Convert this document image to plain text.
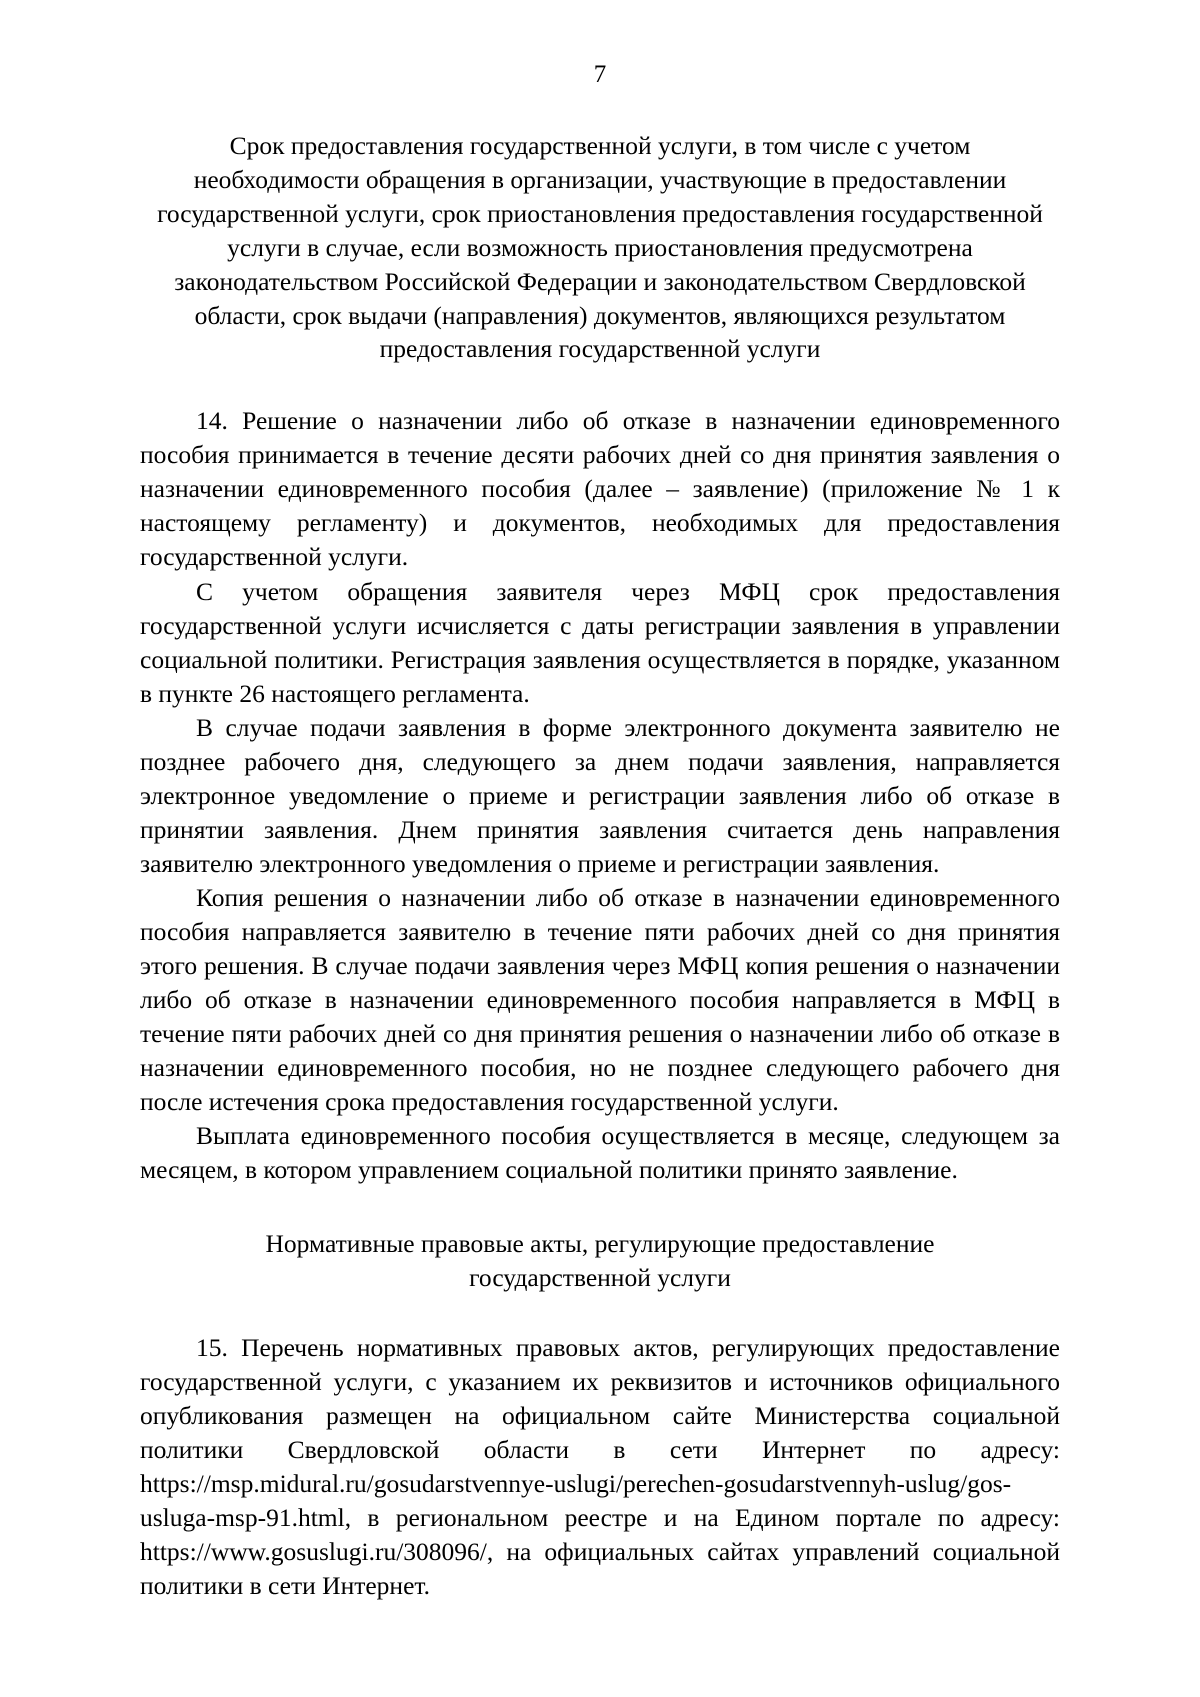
7

Срок предоставления государственной услуги, в том числе с учетом

необходимости обращения в организации, участвующие в предоставлении

государственной услуги, срок приостановления предоставления государственной

услуги в случае, если возможность приостановления предусмотрена

законодательством Российской Федерации и законодательством Свердловской

области, срок выдачи (направления) документов, являющихся результатом

предоставления государственной услуги

14. Решение о назначении либо об отказе в назначении единовременного пособия принимается в течение десяти рабочих дней со дня принятия заявления о назначении единовременного пособия (далее – заявление) (приложение № 1 к настоящему регламенту) и документов, необходимых для предоставления государственной услуги.

С учетом обращения заявителя через МФЦ срок предоставления государственной услуги исчисляется с даты регистрации заявления в управлении социальной политики. Регистрация заявления осуществляется в порядке, указанном в пункте 26 настоящего регламента.

В случае подачи заявления в форме электронного документа заявителю не позднее рабочего дня, следующего за днем подачи заявления, направляется электронное уведомление о приеме и регистрации заявления либо об отказе в принятии заявления. Днем принятия заявления считается день направления заявителю электронного уведомления о приеме и регистрации заявления.

Копия решения о назначении либо об отказе в назначении единовременного пособия направляется заявителю в течение пяти рабочих дней со дня принятия этого решения. В случае подачи заявления через МФЦ копия решения о назначении либо об отказе в назначении единовременного пособия направляется в МФЦ в течение пяти рабочих дней со дня принятия решения о назначении либо об отказе в назначении единовременного пособия, но не позднее следующего рабочего дня после истечения срока предоставления государственной услуги.

Выплата единовременного пособия осуществляется в месяце, следующем за месяцем, в котором управлением социальной политики принято заявление.

Нормативные правовые акты, регулирующие предоставление

государственной услуги

15. Перечень нормативных правовых актов, регулирующих предоставление государственной услуги, с указанием их реквизитов и источников официального опубликования размещен на официальном сайте Министерства социальной политики Свердловской области в сети Интернет по адресу: https://msp.midural.ru/gosudarstvennye-uslugi/perechen-gosudarstvennyh-uslug/gos-usluga-msp-91.html, в региональном реестре и на Едином портале по адресу: https://www.gosuslugi.ru/308096/, на официальных сайтах управлений социальной политики в сети Интернет.
